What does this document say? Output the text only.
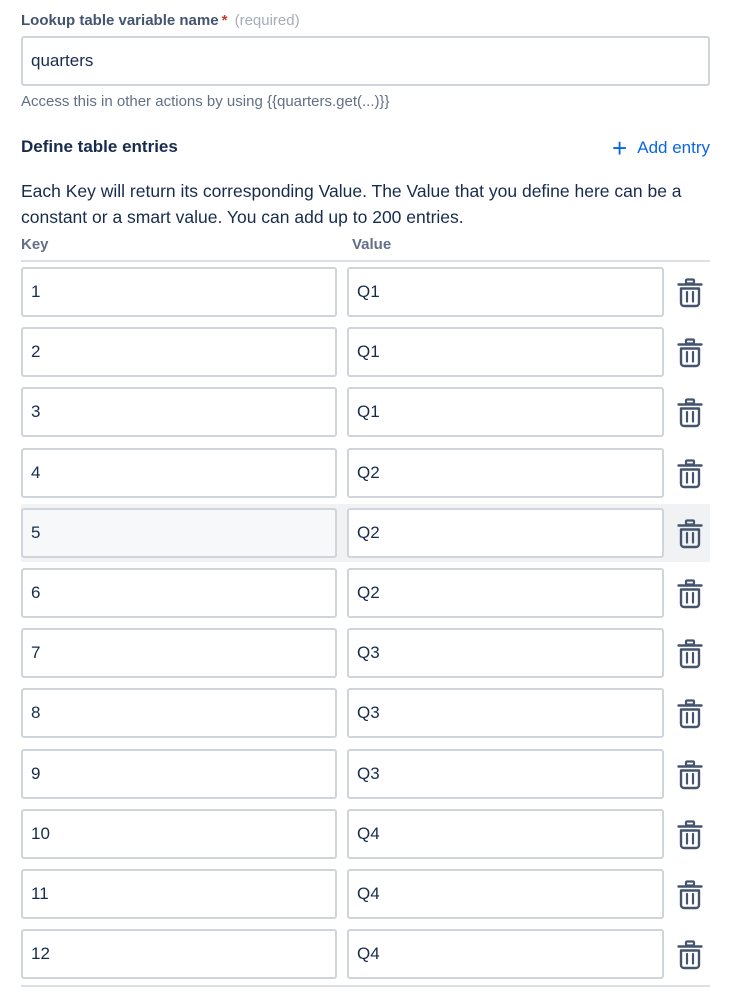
Lookup table variable name * (required)
quarters
Access this in other actions by using {{quarters.get(...)}}
Define table entries	+ Add entry

Each Key will return its corresponding Value. The Value that you define here can be a constant or a smart value. You can add up to 200 entries.

Key	Value
1
Q1
2
Q1
3
Q1
4
Q2
5
Q2
6
Q2
7
Q3
8
Q3
9
Q3
10
Q4
11
Q4
12
Q4
